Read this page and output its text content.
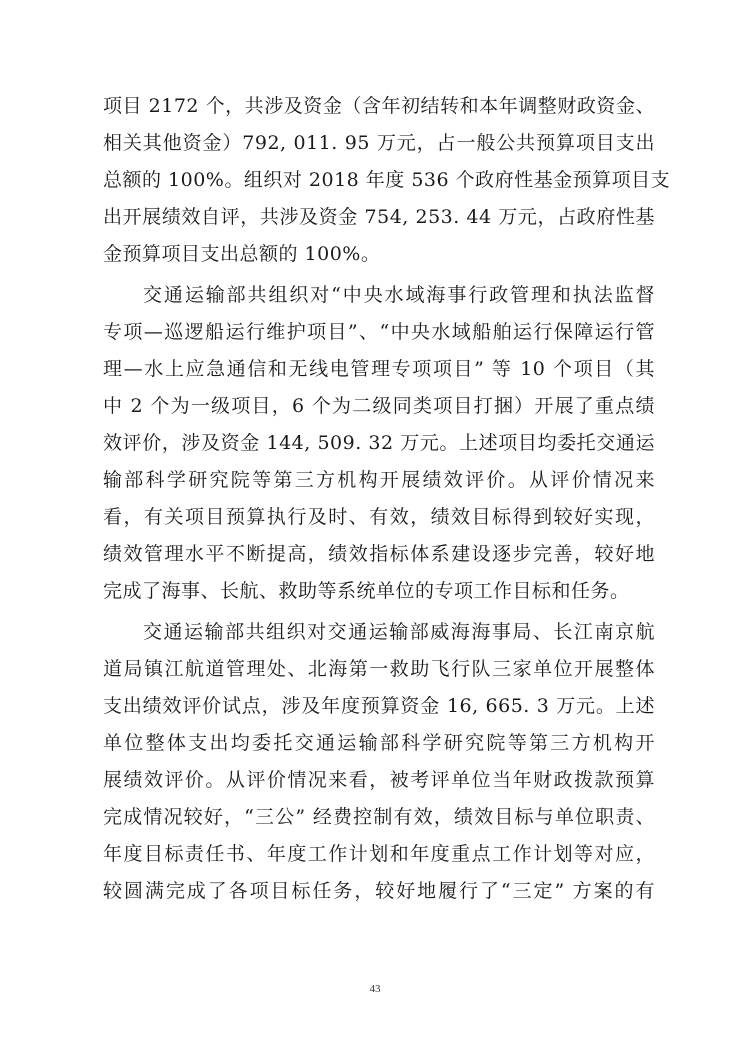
项目 2172 个，共涉及资金（含年初结转和本年调整财政资金、
相关其他资金）792, 011. 95 万元，占一般公共预算项目支出
总额的 100%。组织对 2018 年度 536 个政府性基金预算项目支
出开展绩效自评，共涉及资金 754, 253. 44 万元，占政府性基
金预算项目支出总额的 100%。

交通运输部共组织对“中央水域海事行政管理和执法监督
专项—巡逻船运行维护项目”、“中央水域船舶运行保障运行管
理—水上应急通信和无线电管理专项项目” 等 10 个项目（其
中 2 个为一级项目，6 个为二级同类项目打捆）开展了重点绩
效评价，涉及资金 144, 509. 32 万元。上述项目均委托交通运
输部科学研究院等第三方机构开展绩效评价。从评价情况来
看，有关项目预算执行及时、有效，绩效目标得到较好实现，
绩效管理水平不断提高，绩效指标体系建设逐步完善，较好地
完成了海事、长航、救助等系统单位的专项工作目标和任务。

交通运输部共组织对交通运输部威海海事局、长江南京航
道局镇江航道管理处、北海第一救助飞行队三家单位开展整体
支出绩效评价试点，涉及年度预算资金 16, 665. 3 万元。上述
单位整体支出均委托交通运输部科学研究院等第三方机构开
展绩效评价。从评价情况来看，被考评单位当年财政拨款预算
完成情况较好，“三公” 经费控制有效，绩效目标与单位职责、
年度目标责任书、年度工作计划和年度重点工作计划等对应，
较圆满完成了各项目标任务，较好地履行了“三定” 方案的有

43
